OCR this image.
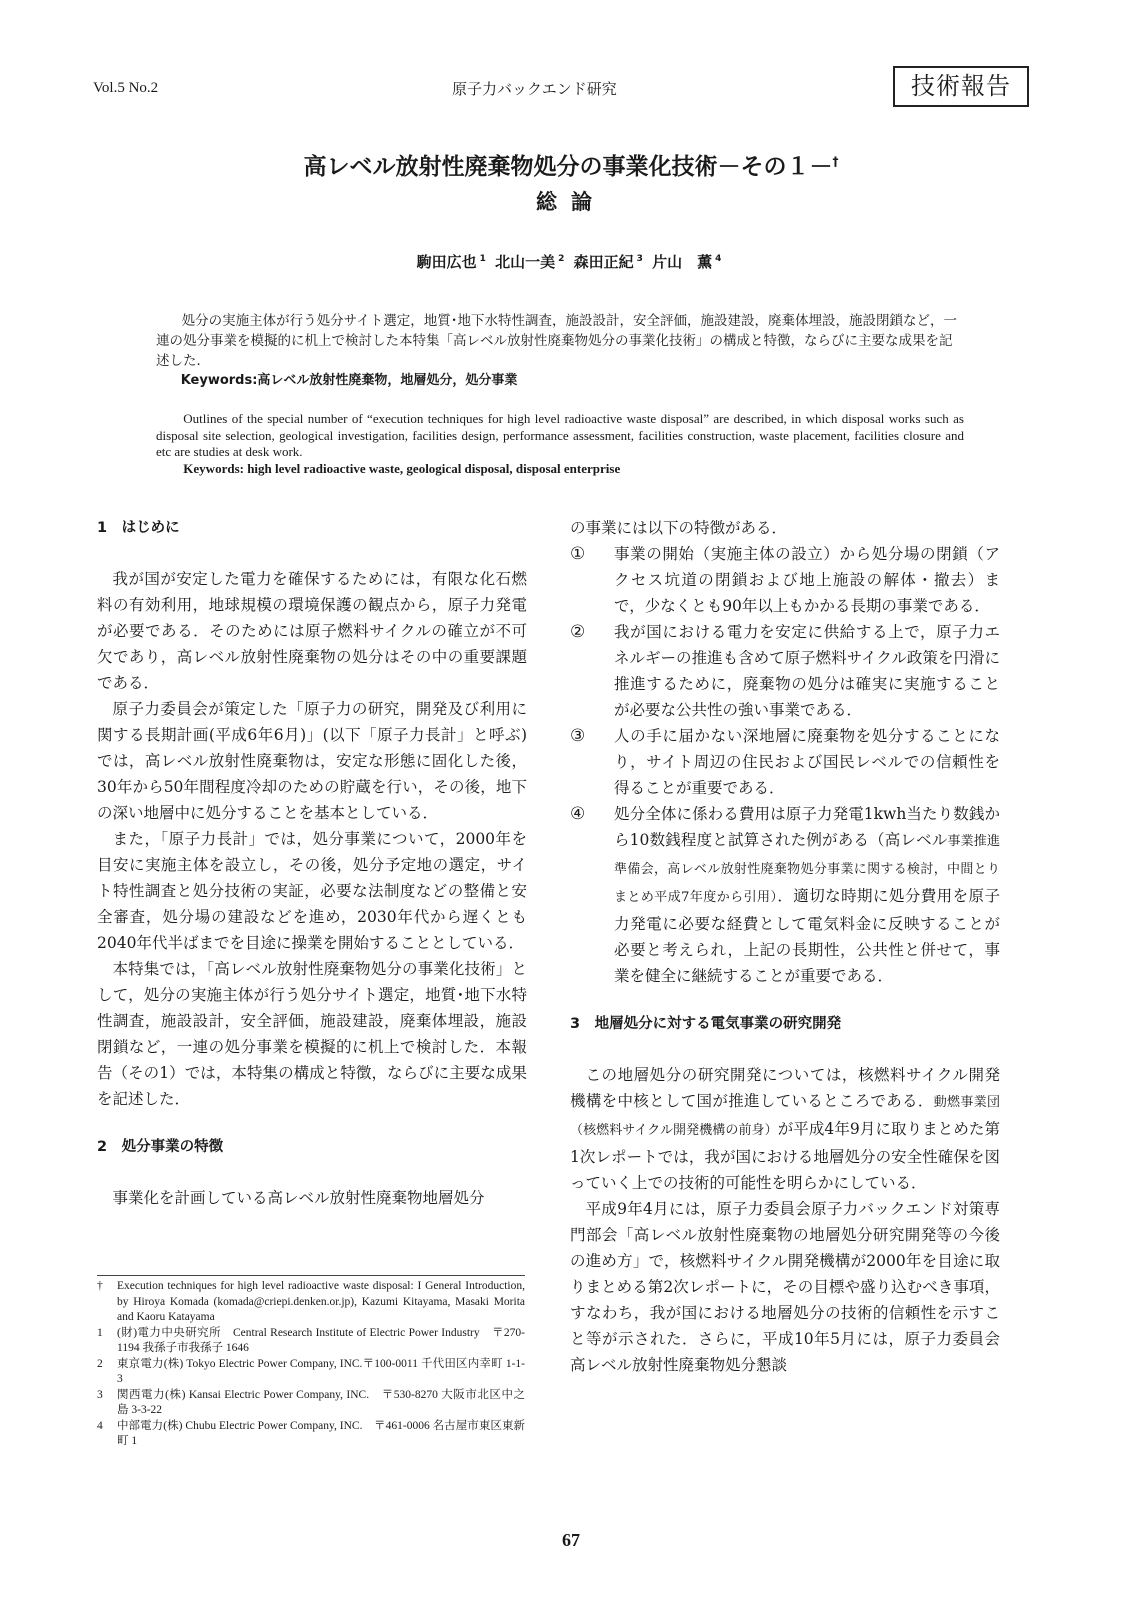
Vol.5 No.2	原子力バックエンド研究	技術報告
高レベル放射性廃棄物処分の事業化技術－その１－†
総論
駒田広也 $^1$ 北山一美 $^2$ 森田正紀 $^3$ 片山　薫 $^4$

処分の実施主体が行う処分サイト選定，地質･地下水特性調査，施設設計，安全評価，施設建設，廃棄体埋設，施設閉鎖など，一連の処分事業を模擬的に机上で検討した本特集「高レベル放射性廃棄物処分の事業化技術」の構成と特徴，ならびに主要な成果を記述した．

Keywords:高レベル放射性廃棄物，地層処分，処分事業

Outlines of the special number of “execution techniques for high level radioactive waste disposal” are described, in which disposal works such as disposal site selection, geological investigation, facilities design, performance assessment, facilities construction, waste placement, facilities closure and etc are studies at desk work.

Keywords: high level radioactive waste, geological disposal, disposal enterprise

1　はじめに

我が国が安定した電力を確保するためには，有限な化石燃料の有効利用，地球規模の環境保護の観点から，原子力発電が必要である．そのためには原子燃料サイクルの確立が不可欠であり，高レベル放射性廃棄物の処分はその中の重要課題である．

原子力委員会が策定した「原子力の研究，開発及び利用に関する長期計画(平成6年6月)」(以下「原子力長計」と呼ぶ)では，高レベル放射性廃棄物は，安定な形態に固化した後，30年から50年間程度冷却のための貯蔵を行い，その後，地下の深い地層中に処分することを基本としている．

また，「原子力長計」では，処分事業について，2000年を目安に実施主体を設立し，その後，処分予定地の選定，サイト特性調査と処分技術の実証，必要な法制度などの整備と安全審査，処分場の建設などを進め，2030年代から遅くとも2040年代半ばまでを目途に操業を開始することとしている．

本特集では，「高レベル放射性廃棄物処分の事業化技術」として，処分の実施主体が行う処分サイト選定，地質･地下水特性調査，施設設計，安全評価，施設建設，廃棄体埋設，施設閉鎖など，一連の処分事業を模擬的に机上で検討した．本報告（その1）では，本特集の構成と特徴，ならびに主要な成果を記述した．

2　処分事業の特徴

事業化を計画している高レベル放射性廃棄物地層処分

の事業には以下の特徴がある．

①	事業の開始（実施主体の設立）から処分場の閉鎖（アクセス坑道の閉鎖および地上施設の解体・撤去）まで，少なくとも90年以上もかかる長期の事業である．
②	我が国における電力を安定に供給する上で，原子力エネルギーの推進も含めて原子燃料サイクル政策を円滑に推進するために，廃棄物の処分は確実に実施することが必要な公共性の強い事業である．
③	人の手に届かない深地層に廃棄物を処分することになり，サイト周辺の住民および国民レベルでの信頼性を得ることが重要である．
④	処分全体に係わる費用は原子力発電1kwh当たり数銭から10数銭程度と試算された例がある（高レベル事業推進準備会，高レベル放射性廃棄物処分事業に関する検討，中間とりまとめ平成7年度から引用）．適切な時期に処分費用を原子力発電に必要な経費として電気料金に反映することが必要と考えられ，上記の長期性，公共性と併せて，事業を健全に継続することが重要である．
3　地層処分に対する電気事業の研究開発

この地層処分の研究開発については，核燃料サイクル開発機構を中核として国が推進しているところである．動燃事業団（核燃料サイクル開発機構の前身）が平成4年9月に取りまとめた第1次レポートでは，我が国における地層処分の安全性確保を図っていく上での技術的可能性を明らかにしている．

平成9年4月には，原子力委員会原子力バックエンド対策専門部会「高レベル放射性廃棄物の地層処分研究開発等の今後の進め方」で，核燃料サイクル開発機構が2000年を目途に取りまとめる第2次レポートに，その目標や盛り込むべき事項，すなわち，我が国における地層処分の技術的信頼性を示すこと等が示された．さらに，平成10年5月には，原子力委員会高レベル放射性廃棄物処分懇談

†	Execution techniques for high level radioactive waste disposal: I General Introduction, by Hiroya Komada (komada@criepi.denken.or.jp), Kazumi Kitayama, Masaki Morita and Kaoru Katayama
1	(財)電力中央研究所　Central Research Institute of Electric Power Industry　〒270-1194 我孫子市我孫子 1646
2	東京電力(株) Tokyo Electric Power Company, INC.〒100-0011 千代田区内幸町 1-1-3
3	関西電力(株) Kansai Electric Power Company, INC.　〒530-8270 大阪市北区中之島 3-3-22
4	中部電力(株) Chubu Electric Power Company, INC.　〒461-0006 名古屋市東区東新町 1
67
